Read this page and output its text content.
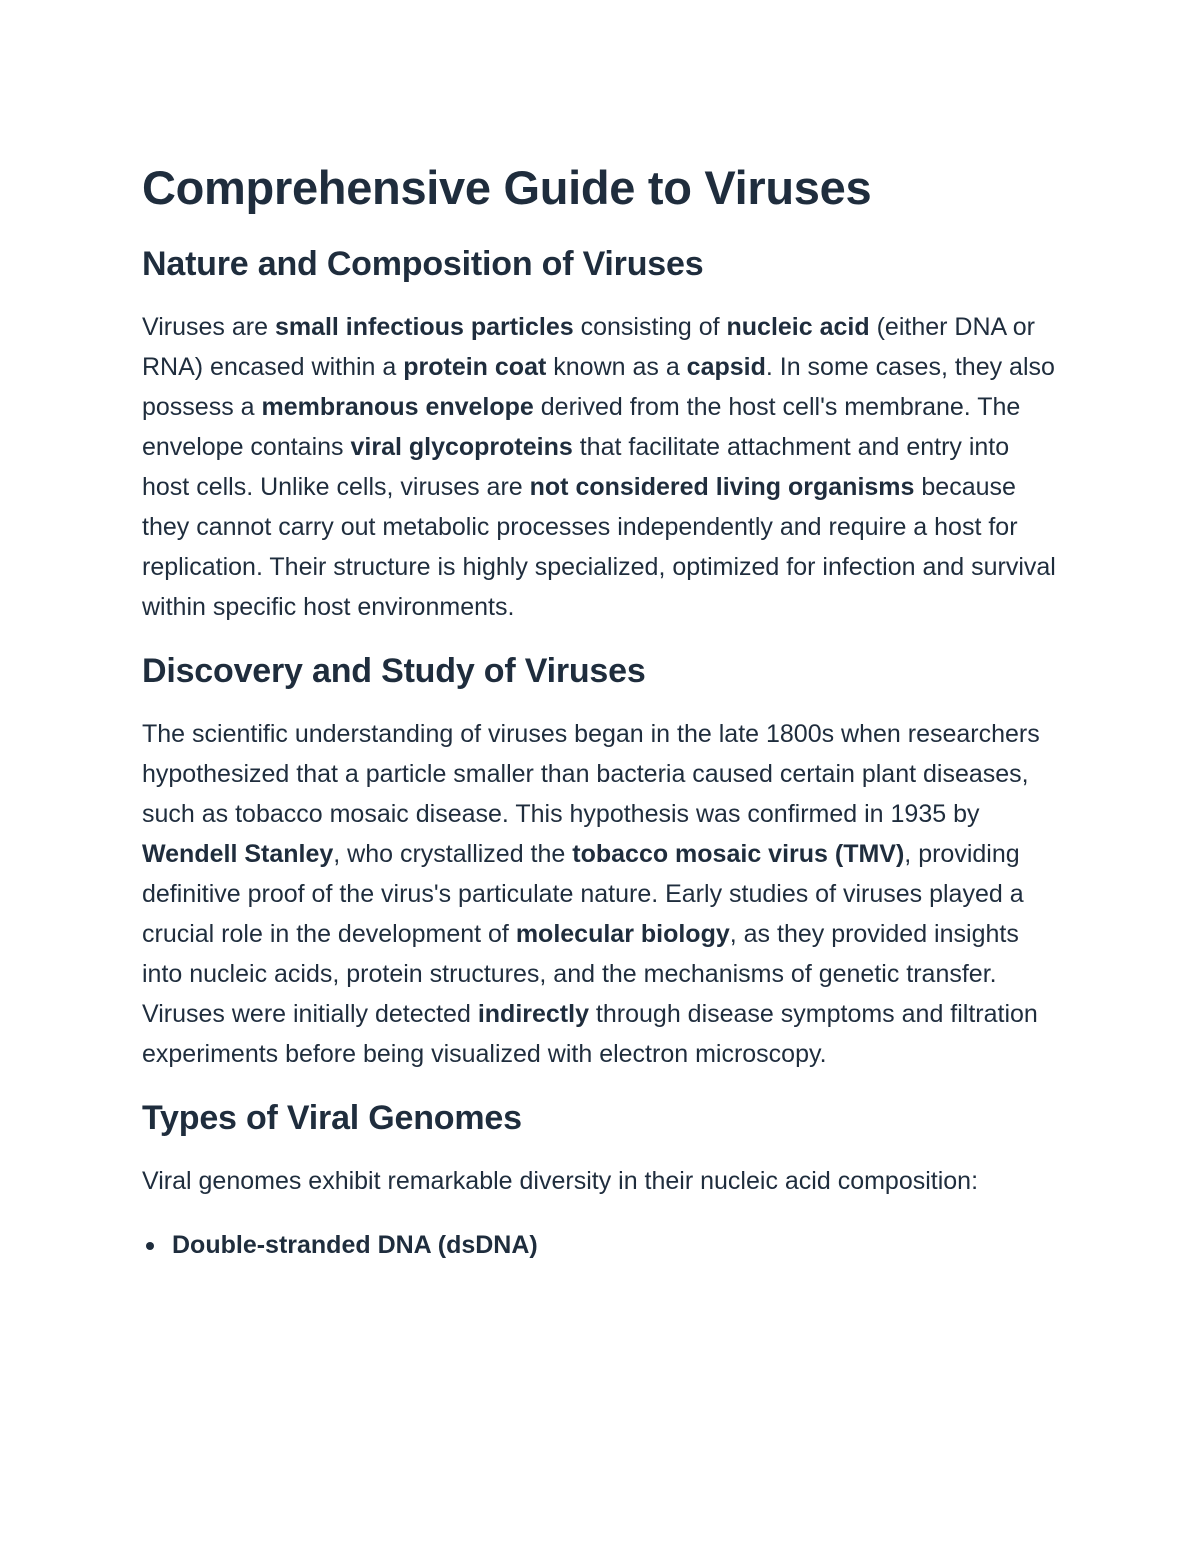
Comprehensive Guide to Viruses
Nature and Composition of Viruses

Viruses are small infectious particles consisting of nucleic acid (either DNA or RNA) encased within a protein coat known as a capsid. In some cases, they also possess a membranous envelope derived from the host cell's membrane. The envelope contains viral glycoproteins that facilitate attachment and entry into host cells. Unlike cells, viruses are not considered living organisms because they cannot carry out metabolic processes independently and require a host for replication. Their structure is highly specialized, optimized for infection and survival within specific host environments.

Discovery and Study of Viruses

The scientific understanding of viruses began in the late 1800s when researchers hypothesized that a particle smaller than bacteria caused certain plant diseases, such as tobacco mosaic disease. This hypothesis was confirmed in 1935 by Wendell Stanley, who crystallized the tobacco mosaic virus (TMV), providing definitive proof of the virus's particulate nature. Early studies of viruses played a crucial role in the development of molecular biology, as they provided insights into nucleic acids, protein structures, and the mechanisms of genetic transfer. Viruses were initially detected indirectly through disease symptoms and filtration experiments before being visualized with electron microscopy.

Types of Viral Genomes

Viral genomes exhibit remarkable diversity in their nucleic acid composition:

Double-stranded DNA (dsDNA)
